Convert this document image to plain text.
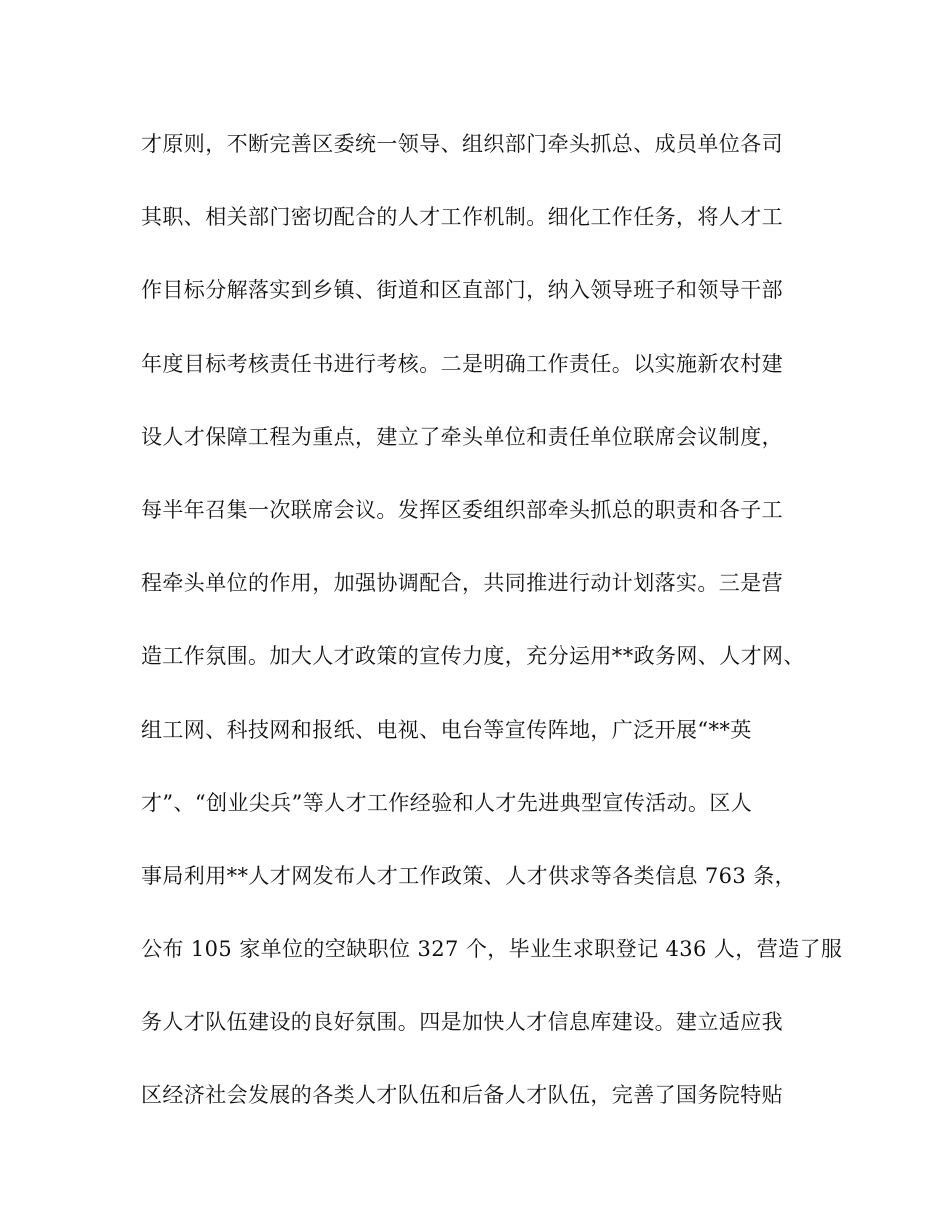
才原则，不断完善区委统一领导、组织部门牵头抓总、成员单位各司
其职、相关部门密切配合的人才工作机制。细化工作任务，将人才工
作目标分解落实到乡镇、街道和区直部门，纳入领导班子和领导干部
年度目标考核责任书进行考核。二是明确工作责任。以实施新农村建
设人才保障工程为重点，建立了牵头单位和责任单位联席会议制度，
每半年召集一次联席会议。发挥区委组织部牵头抓总的职责和各子工
程牵头单位的作用，加强协调配合，共同推进行动计划落实。三是营
造工作氛围。加大人才政策的宣传力度，充分运用**政务网、人才网、
组工网、科技网和报纸、电视、电台等宣传阵地，广泛开展“**英
才”、“创业尖兵”等人才工作经验和人才先进典型宣传活动。区人
事局利用**人才网发布人才工作政策、人才供求等各类信息 763 条，
公布 105 家单位的空缺职位 327 个，毕业生求职登记 436 人，营造了服
务人才队伍建设的良好氛围。四是加快人才信息库建设。建立适应我
区经济社会发展的各类人才队伍和后备人才队伍，完善了国务院特贴
